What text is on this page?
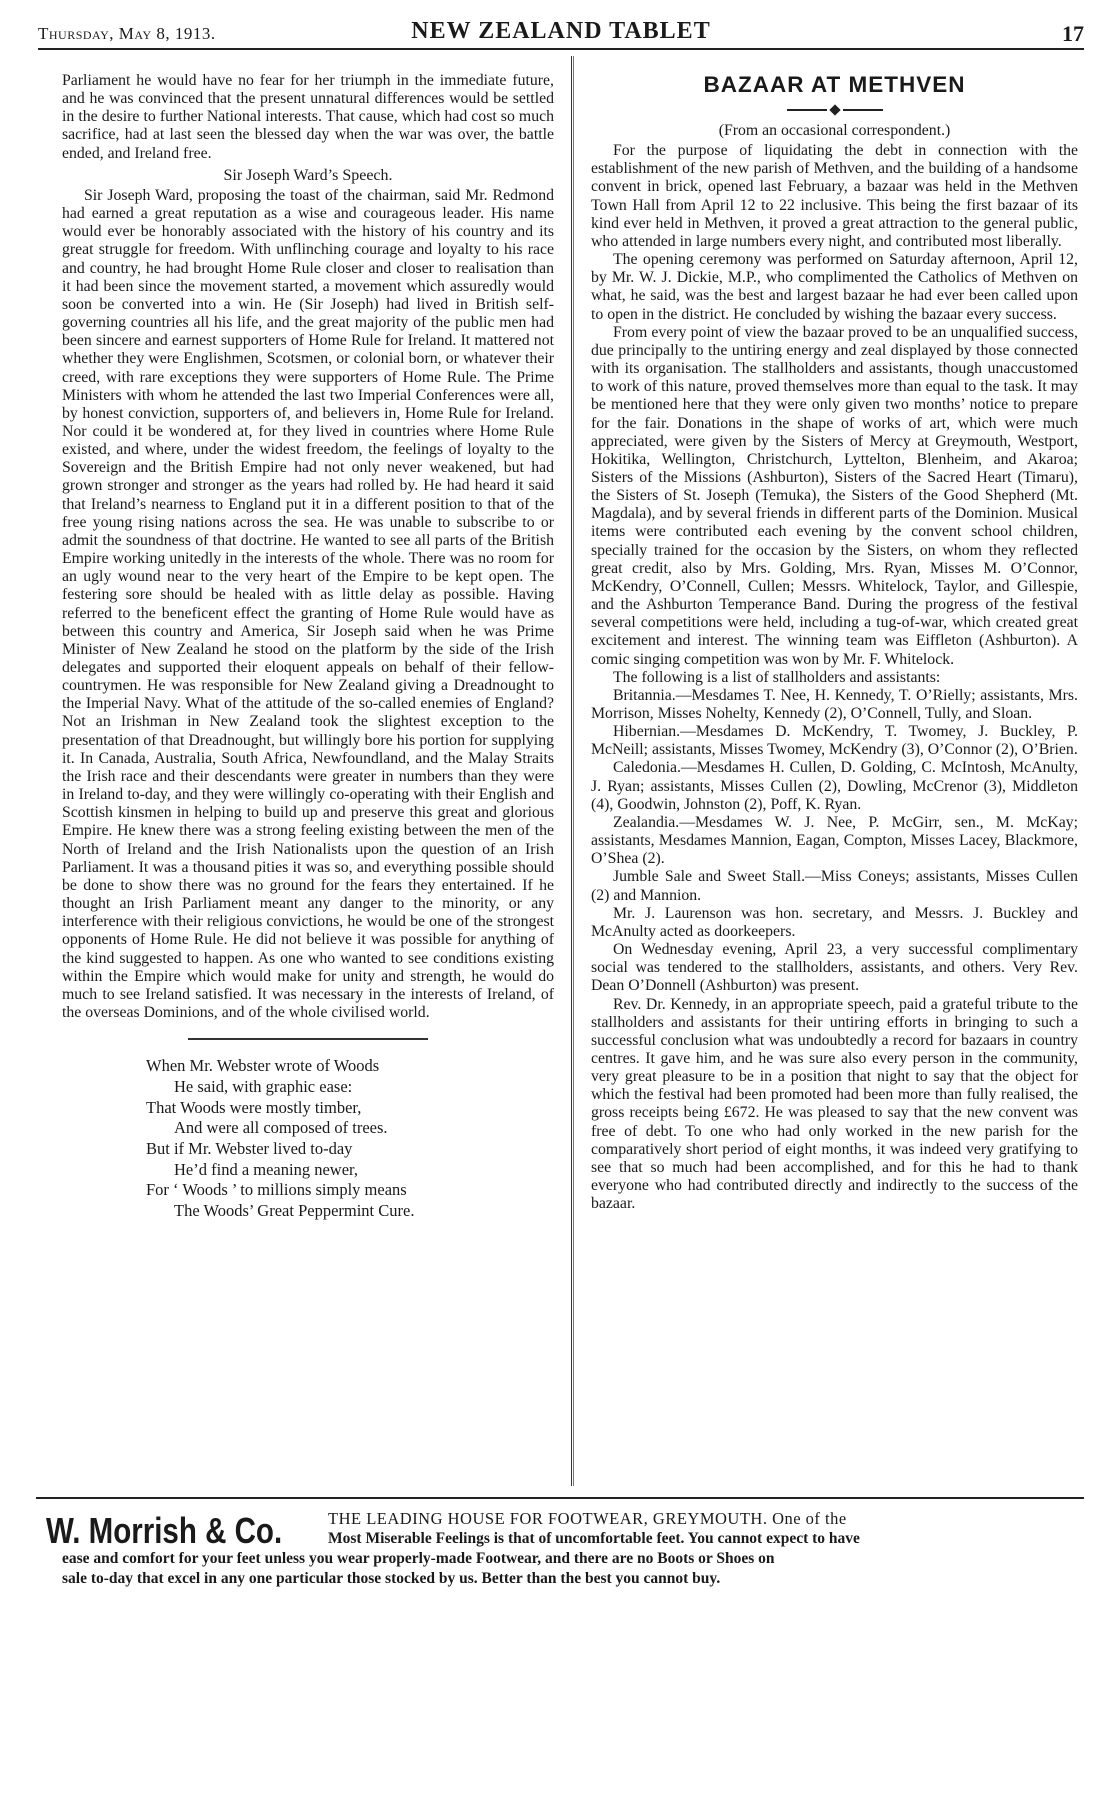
Thursday, May 8, 1913.	NEW ZEALAND TABLET	17

Parliament he would have no fear for her triumph in the immediate future, and he was convinced that the present unnatural differences would be settled in the desire to further National interests. That cause, which had cost so much sacrifice, had at last seen the blessed day when the war was over, the battle ended, and Ireland free.

Sir Joseph Ward’s Speech.

Sir Joseph Ward, proposing the toast of the chairman, said Mr. Redmond had earned a great reputation as a wise and courageous leader. His name would ever be honorably associated with the history of his country and its great struggle for freedom. With unflinching courage and loyalty to his race and country, he had brought Home Rule closer and closer to realisation than it had been since the movement started, a movement which assuredly would soon be converted into a win. He (Sir Joseph) had lived in British self-governing countries all his life, and the great majority of the public men had been sincere and earnest supporters of Home Rule for Ireland. It mattered not whether they were Englishmen, Scotsmen, or colonial born, or whatever their creed, with rare exceptions they were supporters of Home Rule. The Prime Ministers with whom he attended the last two Imperial Conferences were all, by honest conviction, supporters of, and believers in, Home Rule for Ireland. Nor could it be wondered at, for they lived in countries where Home Rule existed, and where, under the widest freedom, the feelings of loyalty to the Sovereign and the British Empire had not only never weakened, but had grown stronger and stronger as the years had rolled by. He had heard it said that Ireland’s nearness to England put it in a different position to that of the free young rising nations across the sea. He was unable to subscribe to or admit the soundness of that doctrine. He wanted to see all parts of the British Empire working unitedly in the interests of the whole. There was no room for an ugly wound near to the very heart of the Empire to be kept open. The festering sore should be healed with as little delay as possible. Having referred to the beneficent effect the granting of Home Rule would have as between this country and America, Sir Joseph said when he was Prime Minister of New Zealand he stood on the platform by the side of the Irish delegates and supported their eloquent appeals on behalf of their fellow-countrymen. He was responsible for New Zealand giving a Dreadnought to the Imperial Navy. What of the attitude of the so-called enemies of England? Not an Irishman in New Zealand took the slightest exception to the presentation of that Dreadnought, but willingly bore his portion for supplying it. In Canada, Australia, South Africa, Newfoundland, and the Malay Straits the Irish race and their descendants were greater in numbers than they were in Ireland to-day, and they were willingly co-operating with their English and Scottish kinsmen in helping to build up and preserve this great and glorious Empire. He knew there was a strong feeling existing between the men of the North of Ireland and the Irish Nationalists upon the question of an Irish Parliament. It was a thousand pities it was so, and everything possible should be done to show there was no ground for the fears they entertained. If he thought an Irish Parliament meant any danger to the minority, or any interference with their religious convictions, he would be one of the strongest opponents of Home Rule. He did not believe it was possible for anything of the kind suggested to happen. As one who wanted to see conditions existing within the Empire which would make for unity and strength, he would do much to see Ireland satisfied. It was necessary in the interests of Ireland, of the overseas Dominions, and of the whole civilised world.

When Mr. Webster wrote of Woods
He said, with graphic ease:
That Woods were mostly timber,
And were all composed of trees.
But if Mr. Webster lived to-day
He’d find a meaning newer,
For ‘ Woods ’ to millions simply means
The Woods’ Great Peppermint Cure.
BAZAAR AT METHVEN

(From an occasional correspondent.)

For the purpose of liquidating the debt in connection with the establishment of the new parish of Methven, and the building of a handsome convent in brick, opened last February, a bazaar was held in the Methven Town Hall from April 12 to 22 inclusive. This being the first bazaar of its kind ever held in Methven, it proved a great attraction to the general public, who attended in large numbers every night, and contributed most liberally.

The opening ceremony was performed on Saturday afternoon, April 12, by Mr. W. J. Dickie, M.P., who complimented the Catholics of Methven on what, he said, was the best and largest bazaar he had ever been called upon to open in the district. He concluded by wishing the bazaar every success.

From every point of view the bazaar proved to be an unqualified success, due principally to the untiring energy and zeal displayed by those connected with its organisation. The stallholders and assistants, though unaccustomed to work of this nature, proved themselves more than equal to the task. It may be mentioned here that they were only given two months’ notice to prepare for the fair. Donations in the shape of works of art, which were much appreciated, were given by the Sisters of Mercy at Greymouth, Westport, Hokitika, Wellington, Christchurch, Lyttelton, Blenheim, and Akaroa; Sisters of the Missions (Ashburton), Sisters of the Sacred Heart (Timaru), the Sisters of St. Joseph (Temuka), the Sisters of the Good Shepherd (Mt. Magdala), and by several friends in different parts of the Dominion. Musical items were contributed each evening by the convent school children, specially trained for the occasion by the Sisters, on whom they reflected great credit, also by Mrs. Golding, Mrs. Ryan, Misses M. O’Connor, McKendry, O’Connell, Cullen; Messrs. Whitelock, Taylor, and Gillespie, and the Ashburton Temperance Band. During the progress of the festival several competitions were held, including a tug-of-war, which created great excitement and interest. The winning team was Eiffleton (Ashburton). A comic singing competition was won by Mr. F. Whitelock.

The following is a list of stallholders and assistants:

Britannia.—Mesdames T. Nee, H. Kennedy, T. O’Rielly; assistants, Mrs. Morrison, Misses Nohelty, Kennedy (2), O’Connell, Tully, and Sloan.

Hibernian.—Mesdames D. McKendry, T. Twomey, J. Buckley, P. McNeill; assistants, Misses Twomey, McKendry (3), O’Connor (2), O’Brien.

Caledonia.—Mesdames H. Cullen, D. Golding, C. McIntosh, McAnulty, J. Ryan; assistants, Misses Cullen (2), Dowling, McCrenor (3), Middleton (4), Goodwin, Johnston (2), Poff, K. Ryan.

Zealandia.—Mesdames W. J. Nee, P. McGirr, sen., M. McKay; assistants, Mesdames Mannion, Eagan, Compton, Misses Lacey, Blackmore, O’Shea (2).

Jumble Sale and Sweet Stall.—Miss Coneys; assistants, Misses Cullen (2) and Mannion.

Mr. J. Laurenson was hon. secretary, and Messrs. J. Buckley and McAnulty acted as doorkeepers.

On Wednesday evening, April 23, a very successful complimentary social was tendered to the stallholders, assistants, and others. Very Rev. Dean O’Donnell (Ashburton) was present.

Rev. Dr. Kennedy, in an appropriate speech, paid a grateful tribute to the stallholders and assistants for their untiring efforts in bringing to such a successful conclusion what was undoubtedly a record for bazaars in country centres. It gave him, and he was sure also every person in the community, very great pleasure to be in a position that night to say that the object for which the festival had been promoted had been more than fully realised, the gross receipts being £672. He was pleased to say that the new convent was free of debt. To one who had only worked in the new parish for the comparatively short period of eight months, it was indeed very gratifying to see that so much had been accomplished, and for this he had to thank everyone who had contributed directly and indirectly to the success of the bazaar.

W. Morrish & Co.	THE LEADING HOUSE FOR FOOTWEAR, GREYMOUTH. One of the
Most Miserable Feelings is that of uncomfortable feet. You cannot expect to have
ease and comfort for your feet unless you wear properly-made Footwear, and there are no Boots or Shoes on
sale to-day that excel in any one particular those stocked by us. Better than the best you cannot buy.
